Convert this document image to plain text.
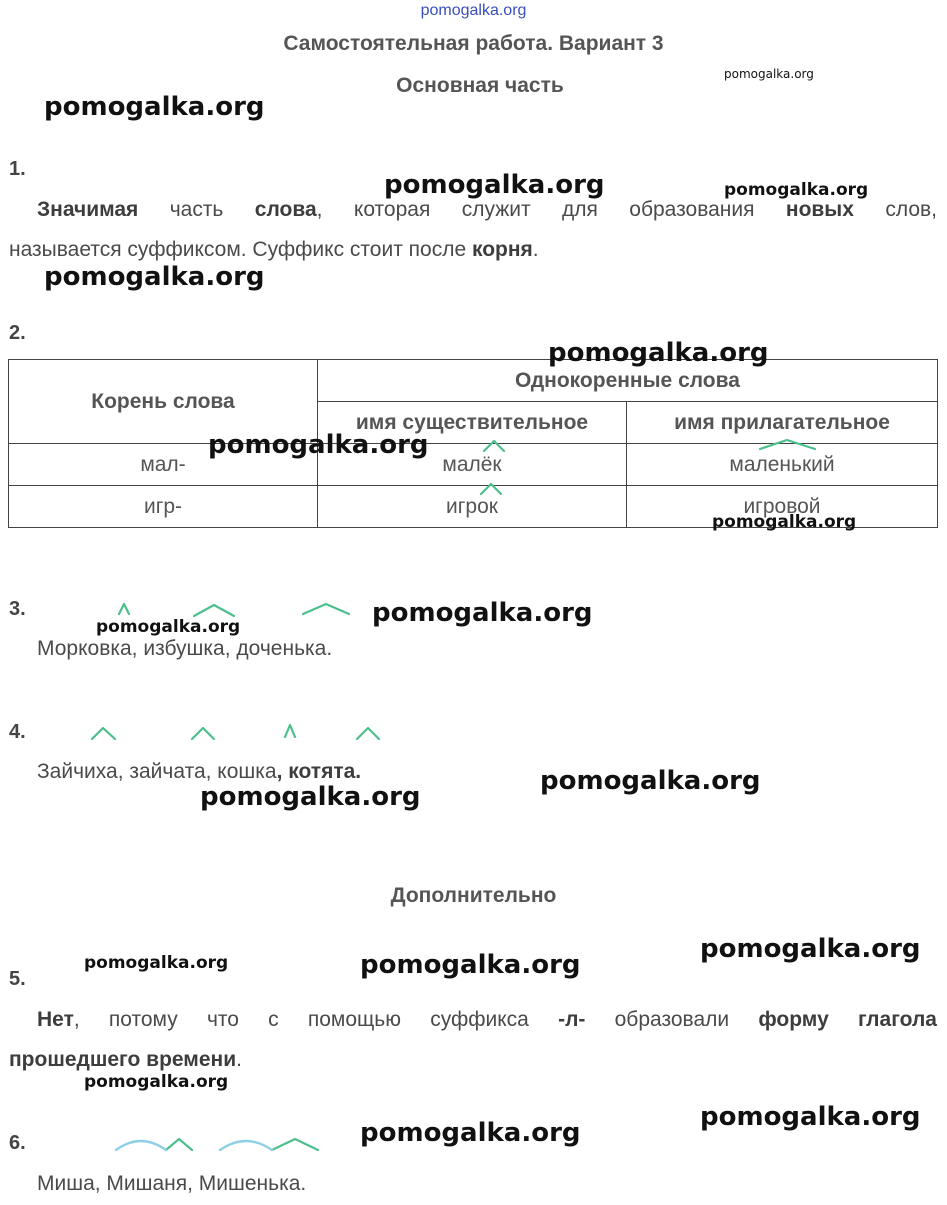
pomogalka.org
Самостоятельная работа. Вариант 3
Основная часть
1.
Значимая часть слова, которая служит для образования новых слов,
называется суффиксом. Суффикс стоит после корня.
2.
Корень слова	Однокоренные слова	
	имя существительное	имя прилагательное
мал-	малёк	маленький
игр-	игрок	игровой
3.
Морковка, избушка, доченька.
4.
Зайчиха, зайчата, кошка, котята.
Дополнительно
5.
Нет, потому что с помощью суффикса -л- образовали форму глагола
прошедшего времени.
6.
Миша, Мишаня, Мишенька.
pomogalka.org
pomogalka.org
pomogalka.org	pomogalka.org
pomogalka.org
pomogalka.org
pomogalka.org
pomogalka.org
pomogalka.org
pomogalka.org
pomogalka.org
pomogalka.org
pomogalka.org
pomogalka.org	pomogalka.org
pomogalka.org
pomogalka.org
pomogalka.org
